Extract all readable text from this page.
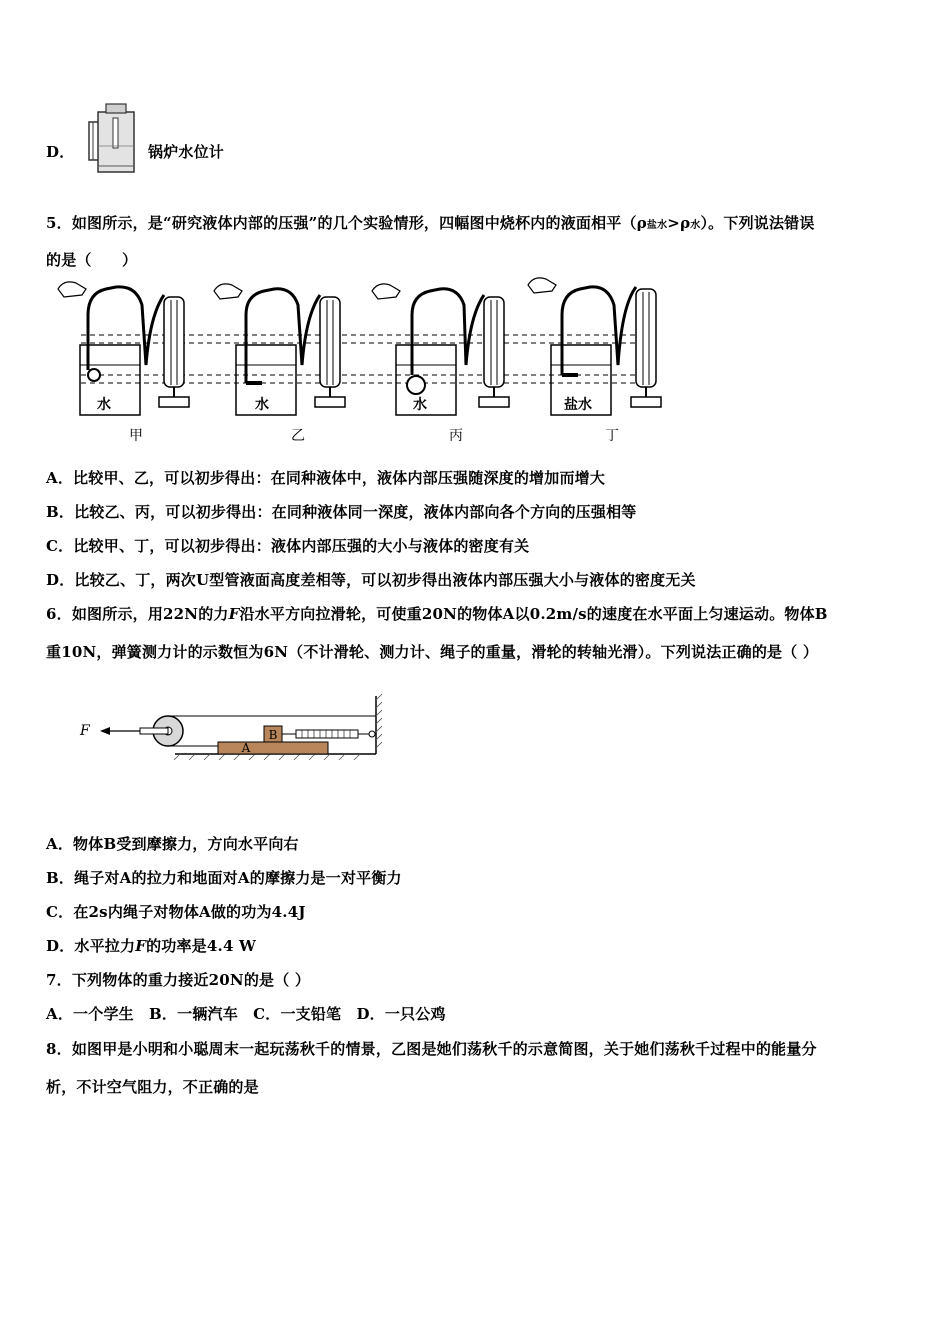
D．	锅炉水位计
5．如图所示，是“研究液体内部的压强”的几个实验情形，四幅图中烧杯内的液面相平（ρ盐水>ρ水）。下列说法错误
的是（　　）
水
甲
水
乙
水
丙
盐水
丁
A．比较甲、乙，可以初步得出：在同种液体中，液体内部压强随深度的增加而增大
B．比较乙、丙，可以初步得出：在同种液体同一深度，液体内部向各个方向的压强相等
C．比较甲、丁，可以初步得出：液体内部压强的大小与液体的密度有关
D．比较乙、丁，两次U型管液面高度差相等，可以初步得出液体内部压强大小与液体的密度无关
6．如图所示，用22N的力F沿水平方向拉滑轮，可使重20N的物体A以0.2m/s的速度在水平面上匀速运动。物体B
重10N，弹簧测力计的示数恒为6N（不计滑轮、测力计、绳子的重量，滑轮的转轴光滑）。下列说法正确的是（ ）
A
B
F
A．物体B受到摩擦力，方向水平向右
B．绳子对A的拉力和地面对A的摩擦力是一对平衡力
C．在2s内绳子对物体A做的功为4.4J
D．水平拉力F的功率是4.4 W
7．下列物体的重力接近20N的是（ ）
A．一个学生　B．一辆汽车　C．一支铅笔　D．一只公鸡
8．如图甲是小明和小聪周末一起玩荡秋千的情景，乙图是她们荡秋千的示意简图，关于她们荡秋千过程中的能量分
析，不计空气阻力，不正确的是
